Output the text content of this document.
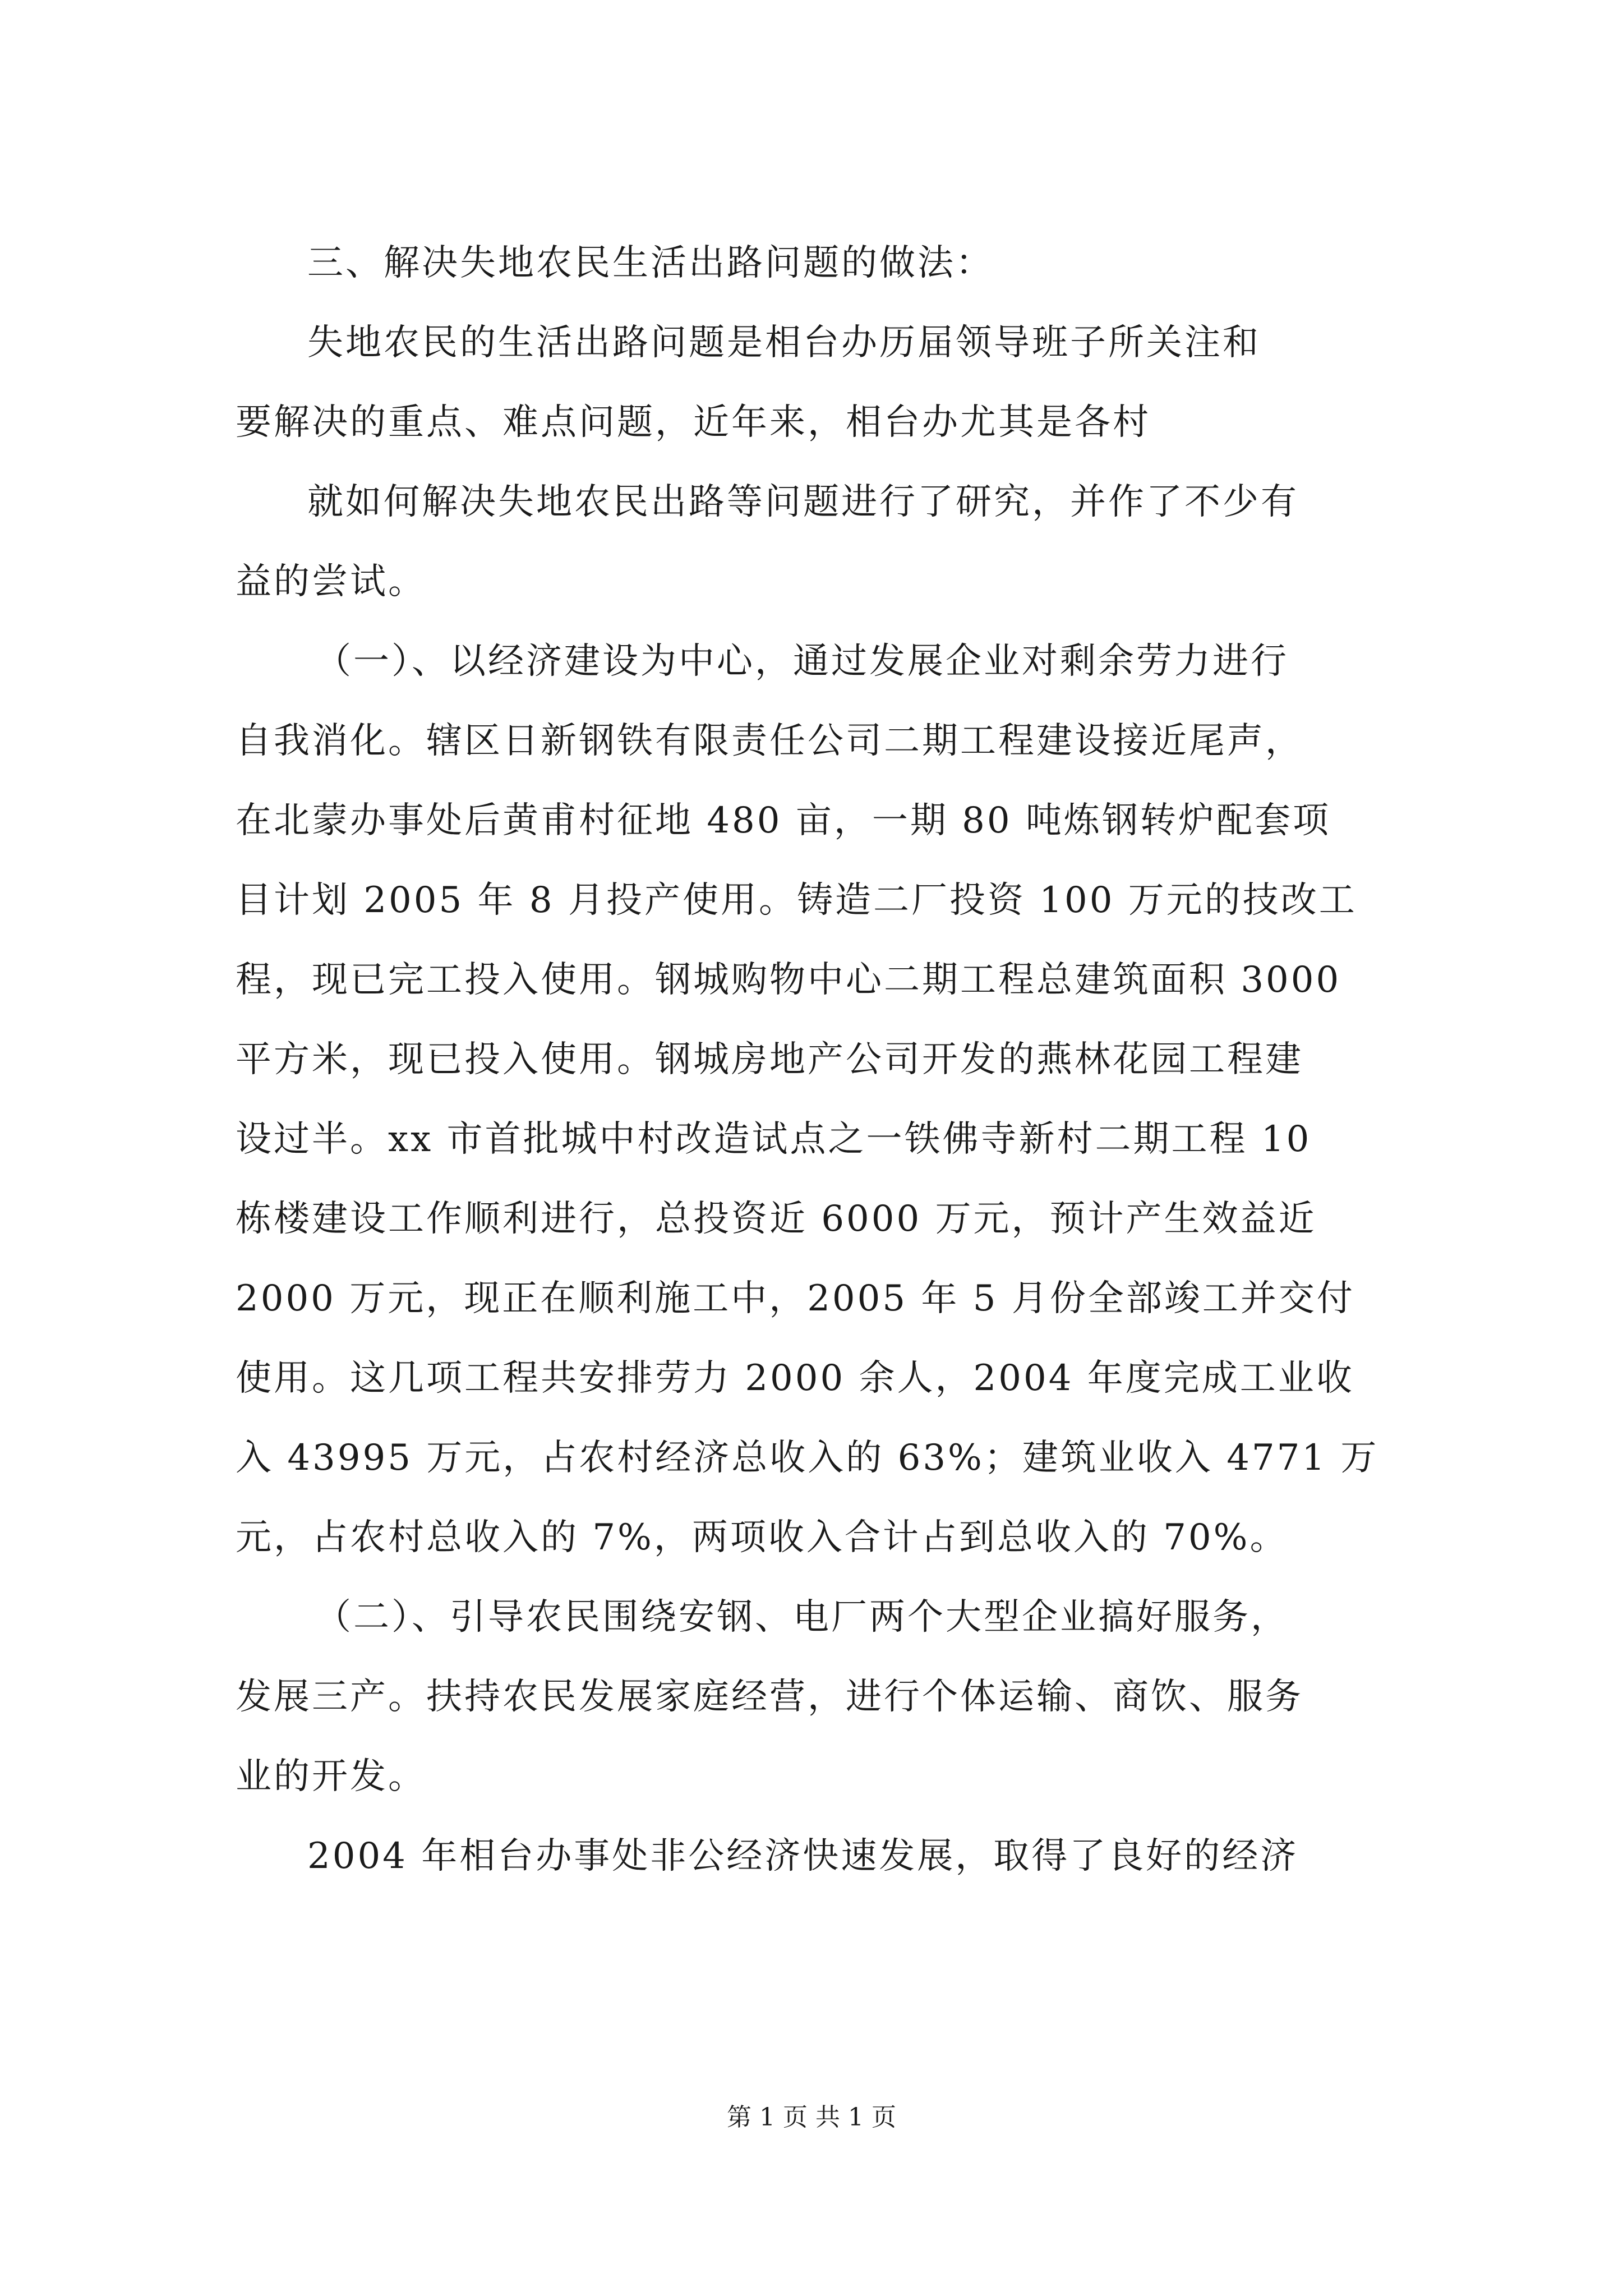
三、解决失地农民生活出路问题的做法：
失地农民的生活出路问题是相台办历届领导班子所关注和
要解决的重点、难点问题，近年来，相台办尤其是各村
就如何解决失地农民出路等问题进行了研究，并作了不少有
益的尝试。
（一）、以经济建设为中心，通过发展企业对剩余劳力进行
自我消化。辖区日新钢铁有限责任公司二期工程建设接近尾声，
在北蒙办事处后黄甫村征地 480 亩，一期 80 吨炼钢转炉配套项
目计划 2005 年 8 月投产使用。铸造二厂投资 100 万元的技改工
程，现已完工投入使用。钢城购物中心二期工程总建筑面积 3000
平方米，现已投入使用。钢城房地产公司开发的燕林花园工程建
设过半。xx 市首批城中村改造试点之一铁佛寺新村二期工程 10
栋楼建设工作顺利进行，总投资近 6000 万元，预计产生效益近
2000 万元，现正在顺利施工中，2005 年 5 月份全部竣工并交付
使用。这几项工程共安排劳力 2000 余人，2004 年度完成工业收
入 43995 万元，占农村经济总收入的 63%；建筑业收入 4771 万
元，占农村总收入的 7%，两项收入合计占到总收入的 70%。
（二）、引导农民围绕安钢、电厂两个大型企业搞好服务，
发展三产。扶持农民发展家庭经营，进行个体运输、商饮、服务
业的开发。
2004 年相台办事处非公经济快速发展，取得了良好的经济
第 1 页 共 1 页
